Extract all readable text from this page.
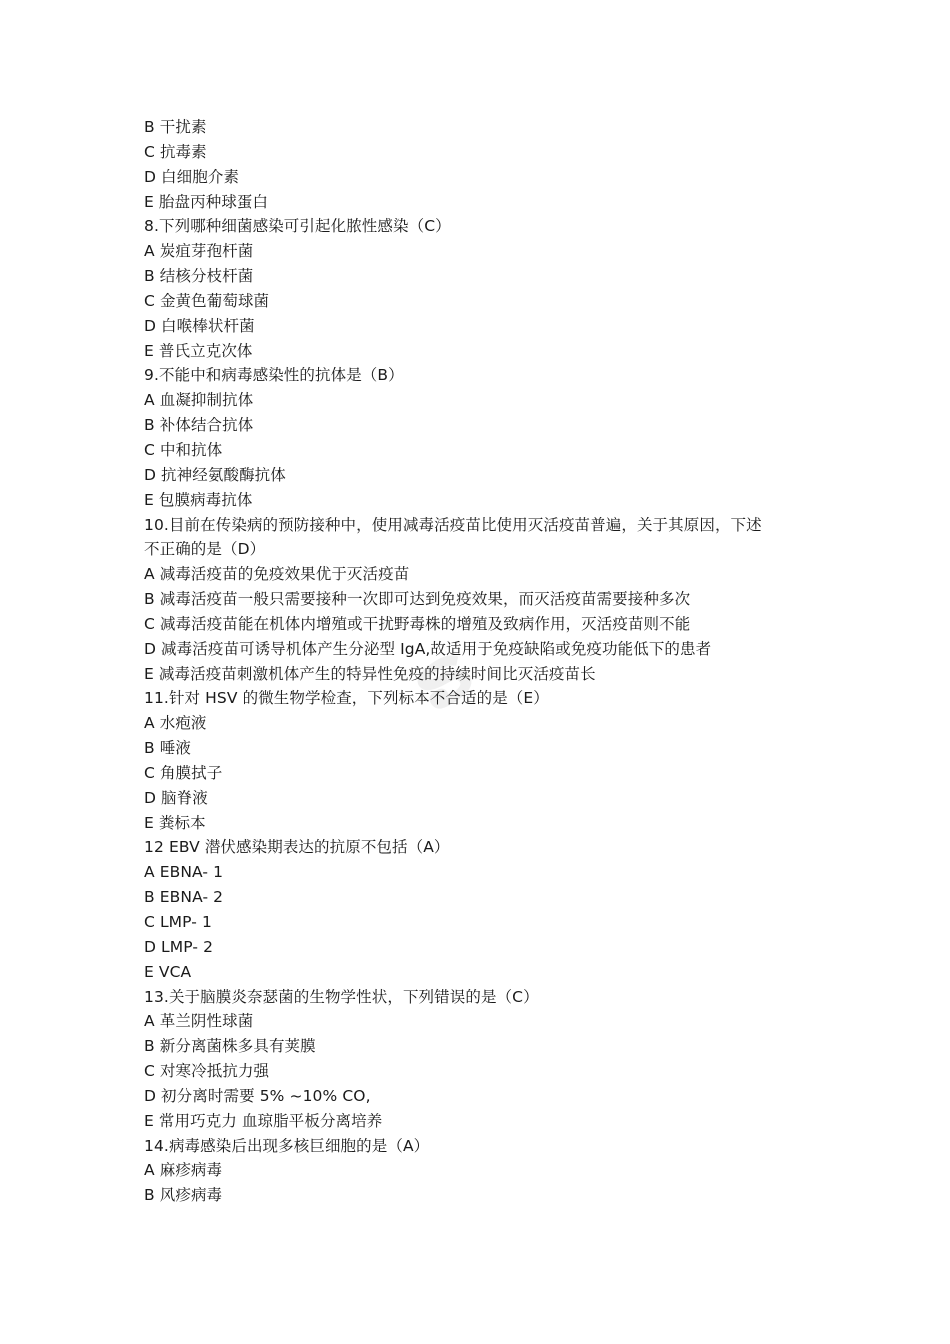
ຣ
B 干扰素
C 抗毒素
D 白细胞介素
E 胎盘丙种球蛋白
8.下列哪种细菌感染可引起化脓性感染（C）
A 炭疽芽孢杆菌
B 结核分枝杆菌
C 金黄色葡萄球菌
D 白喉棒状杆菌
E 普氏立克次体
9.不能中和病毒感染性的抗体是（B）
A 血凝抑制抗体
B 补体结合抗体
C 中和抗体
D 抗神经氨酸酶抗体
E 包膜病毒抗体
10.目前在传染病的预防接种中，使用减毒活疫苗比使用灭活疫苗普遍，关于其原因，下述
不正确的是（D）
A 减毒活疫苗的免疫效果优于灭活疫苗
B 减毒活疫苗一般只需要接种一次即可达到免疫效果，而灭活疫苗需要接种多次
C 减毒活疫苗能在机体内增殖或干扰野毒株的增殖及致病作用，灭活疫苗则不能
D 减毒活疫苗可诱导机体产生分泌型 IgA,故适用于免疫缺陷或免疫功能低下的患者
E 减毒活疫苗刺激机体产生的特异性免疫的持续时间比灭活疫苗长
11.针对 HSV 的微生物学检查，下列标本不合适的是（E）
A 水疱液
B 唾液
C 角膜拭子
D 脑脊液
E 粪标本
12 EBV 潜伏感染期表达的抗原不包括（A）
A EBNA- 1
B EBNA- 2
C LMP- 1
D LMP- 2
E VCA
13.关于脑膜炎奈瑟菌的生物学性状，下列错误的是（C）
A 革兰阴性球菌
B 新分离菌株多具有荚膜
C 对寒冷抵抗力强
D 初分离时需要 5% ~10% CO,
E 常用巧克力 血琼脂平板分离培养
14.病毒感染后出现多核巨细胞的是（A）
A 麻疹病毒
B 风疹病毒
